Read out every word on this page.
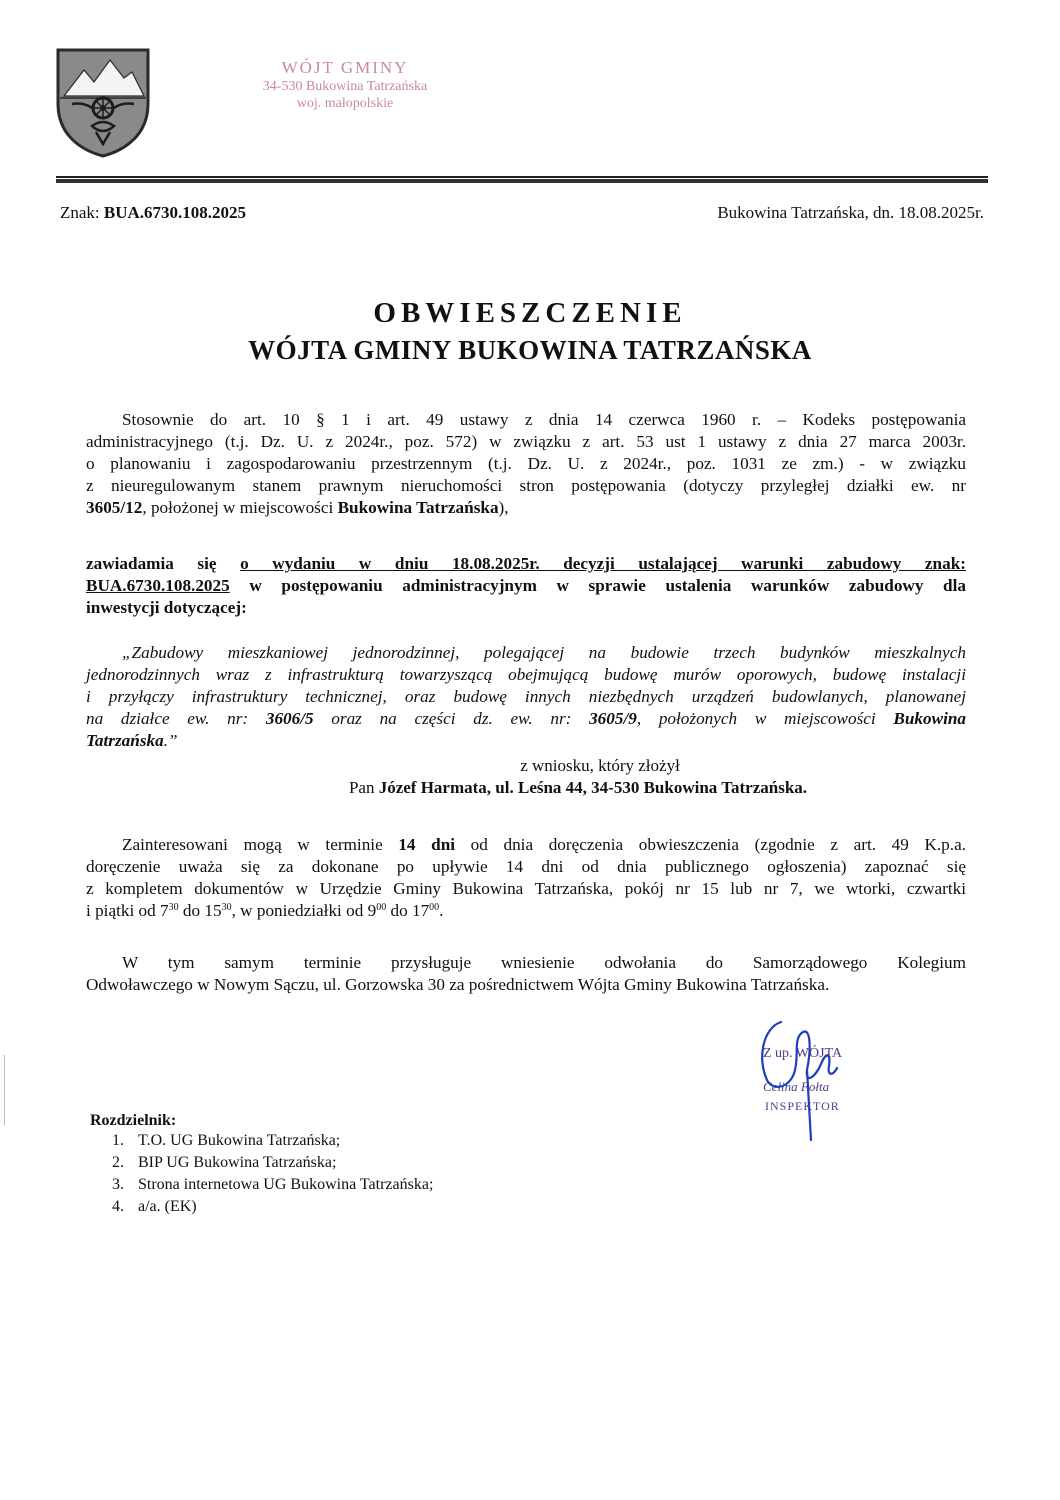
WÓJT GMINY
34-530 Bukowina Tatrzańska
woj. małopolskie
Znak: BUA.6730.108.2025	Bukowina Tatrzańska, dn. 18.08.2025r.
OBWIESZCZENIE
WÓJTA GMINY BUKOWINA TATRZAŃSKA
Stosownie do art. 10 § 1 i art. 49 ustawy z dnia 14 czerwca 1960 r. – Kodeks postępowania
administracyjnego (t.j. Dz. U. z 2024r., poz. 572) w związku z art. 53 ust 1 ustawy z dnia 27 marca 2003r.
o planowaniu i zagospodarowaniu przestrzennym (t.j. Dz. U. z 2024r., poz. 1031 ze zm.) - w związku
z nieuregulowanym stanem prawnym nieruchomości stron postępowania (dotyczy przyległej działki ew. nr
3605/12, położonej w miejscowości Bukowina Tatrzańska),
zawiadamia się o wydaniu w dniu 18.08.2025r. decyzji ustalającej warunki zabudowy znak:
BUA.6730.108.2025 w postępowaniu administracyjnym w sprawie ustalenia warunków zabudowy dla
inwestycji dotyczącej:
„Zabudowy mieszkaniowej jednorodzinnej, polegającej na budowie trzech budynków mieszkalnych
jednorodzinnych wraz z infrastrukturą towarzyszącą obejmującą budowę murów oporowych, budowę instalacji
i przyłączy infrastruktury technicznej, oraz budowę innych niezbędnych urządzeń budowlanych, planowanej
na działce ew. nr: 3606/5 oraz na części dz. ew. nr: 3605/9, położonych w miejscowości Bukowina
Tatrzańska.”
z wniosku, który złożył
Pan Józef Harmata, ul. Leśna 44, 34-530 Bukowina Tatrzańska.
Zainteresowani mogą w terminie 14 dni od dnia doręczenia obwieszczenia (zgodnie z art. 49 K.p.a.
doręczenie uważa się za dokonane po upływie 14 dni od dnia publicznego ogłoszenia) zapoznać się
z kompletem dokumentów w Urzędzie Gminy Bukowina Tatrzańska, pokój nr 15 lub nr 7, we wtorki, czwartki
i piątki od $7^{30}$ do $15^{30}$, w poniedziałki od $9^{00}$ do $17^{00}$.
W tym samym terminie przysługuje wniesienie odwołania do Samorządowego Kolegium
Odwoławczego w Nowym Sączu, ul. Gorzowska 30 za pośrednictwem Wójta Gminy Bukowina Tatrzańska.
Z up. WÓJTA
Celina Fołta
INSPEKTOR
Rozdzielnik:
1. T.O. UG Bukowina Tatrzańska;
2. BIP UG Bukowina Tatrzańska;
3. Strona internetowa UG Bukowina Tatrzańska;
4. a/a. (EK)
